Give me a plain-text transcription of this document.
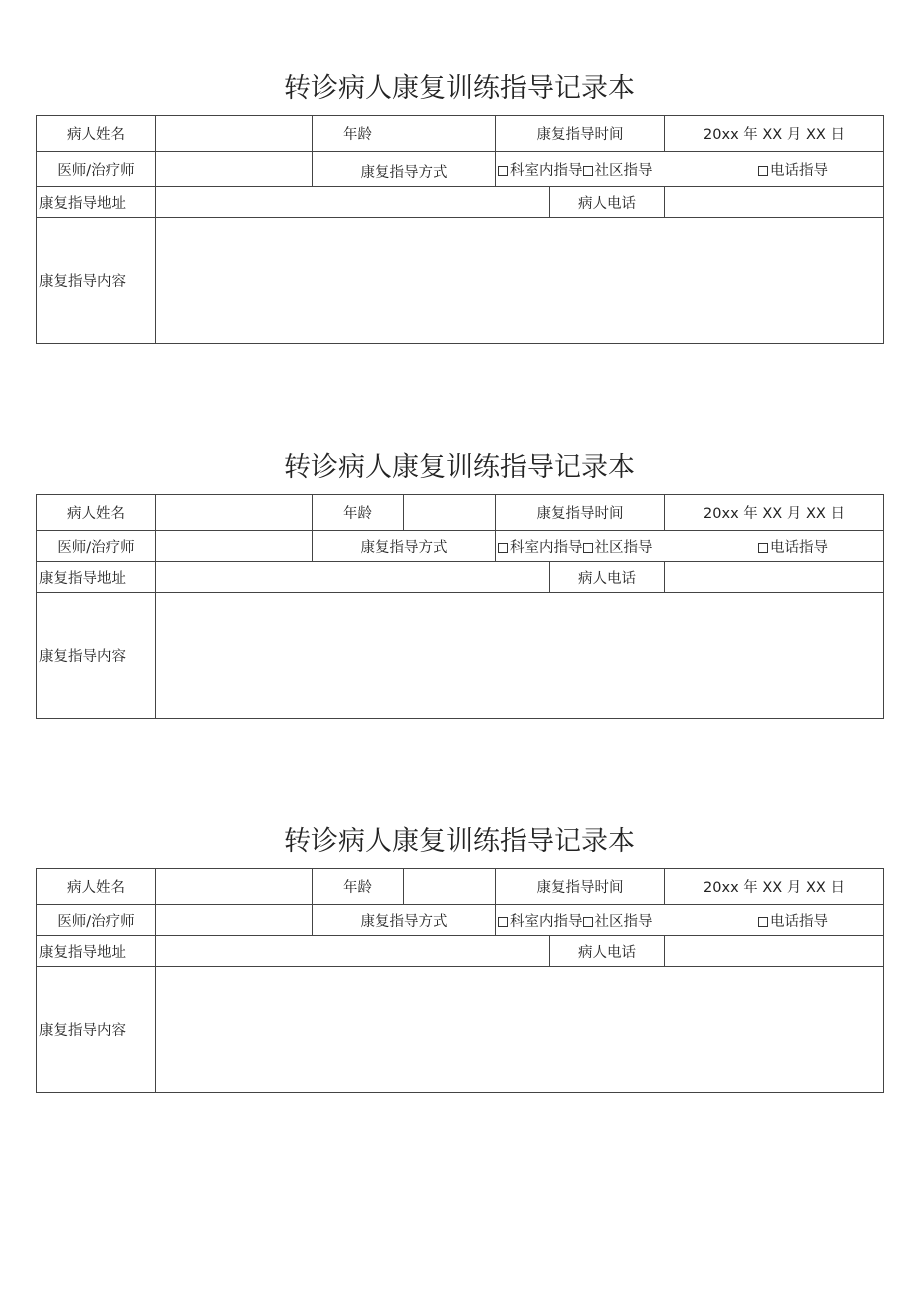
转诊病人康复训练指导记录本
病人姓名		年龄	康复指导时间		20xx 年 XX 月 XX 日
医师/治疗师		康复指导方式	科室内指导 社区指导 电话指导		

康复指导地址				病人电话	
康复指导内容					
转诊病人康复训练指导记录本
病人姓名		年龄		康复指导时间		20xx 年 XX 月 XX 日
医师/治疗师		康复指导方式		科室内指导 社区指导 电话指导		

康复指导地址					病人电话	
康复指导内容						
转诊病人康复训练指导记录本
病人姓名		年龄		康复指导时间		20xx 年 XX 月 XX 日
医师/治疗师		康复指导方式		科室内指导 社区指导 电话指导		

康复指导地址					病人电话	
康复指导内容						
